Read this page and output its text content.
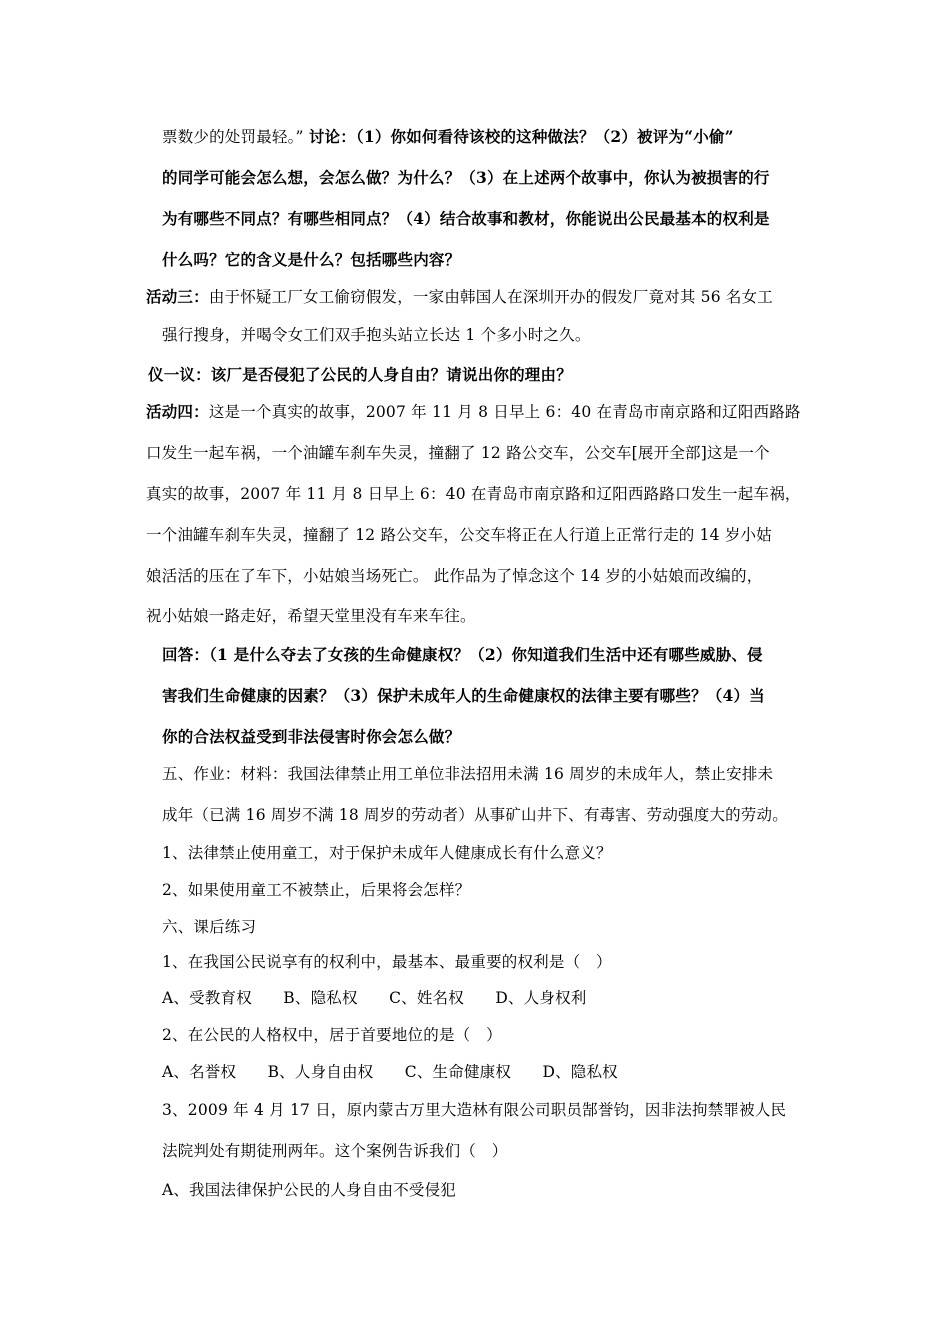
票数少的处罚最轻。” 讨论：（1）你如何看待该校的这种做法？（2）被评为“小偷”
的同学可能会怎么想，会怎么做？为什么？（3）在上述两个故事中，你认为被损害的行
为有哪些不同点？有哪些相同点？（4）结合故事和教材，你能说出公民最基本的权利是
什么吗？它的含义是什么？包括哪些内容？
活动三：由于怀疑工厂女工偷窃假发，一家由韩国人在深圳开办的假发厂竟对其 56 名女工
强行搜身，并喝令女工们双手抱头站立长达 1 个多小时之久。
仪一议：该厂是否侵犯了公民的人身自由？请说出你的理由？
活动四：这是一个真实的故事，2007 年 11 月 8 日早上 6：40 在青岛市南京路和辽阳西路路
口发生一起车祸，一个油罐车刹车失灵，撞翻了 12 路公交车，公交车[展开全部]这是一个
真实的故事，2007 年 11 月 8 日早上 6：40 在青岛市南京路和辽阳西路路口发生一起车祸，
一个油罐车刹车失灵，撞翻了 12 路公交车，公交车将正在人行道上正常行走的 14 岁小姑
娘活活的压在了车下，小姑娘当场死亡。 此作品为了悼念这个 14 岁的小姑娘而改编的，
祝小姑娘一路走好，希望天堂里没有车来车往。
回答：（1 是什么夺去了女孩的生命健康权？（2）你知道我们生活中还有哪些威胁、侵
害我们生命健康的因素？（3）保护未成年人的生命健康权的法律主要有哪些？（4）当
你的合法权益受到非法侵害时你会怎么做？
五、作业：材料：我国法律禁止用工单位非法招用未满 16 周岁的未成年人，禁止安排未
成年（已满 16 周岁不满 18 周岁的劳动者）从事矿山井下、有毒害、劳动强度大的劳动。
1、法律禁止使用童工，对于保护未成年人健康成长有什么意义？
2、如果使用童工不被禁止，后果将会怎样？
六、课后练习
1、在我国公民说享有的权利中，最基本、最重要的权利是（　）
A、受教育权　　B、隐私权　　C、姓名权　　D、人身权利
2、在公民的人格权中，居于首要地位的是（　）
A、名誉权　　B、人身自由权　　C、生命健康权　　D、隐私权
3、2009 年 4 月 17 日，原内蒙古万里大造林有限公司职员郜誉钧，因非法拘禁罪被人民
法院判处有期徒刑两年。这个案例告诉我们（　）
A、我国法律保护公民的人身自由不受侵犯
